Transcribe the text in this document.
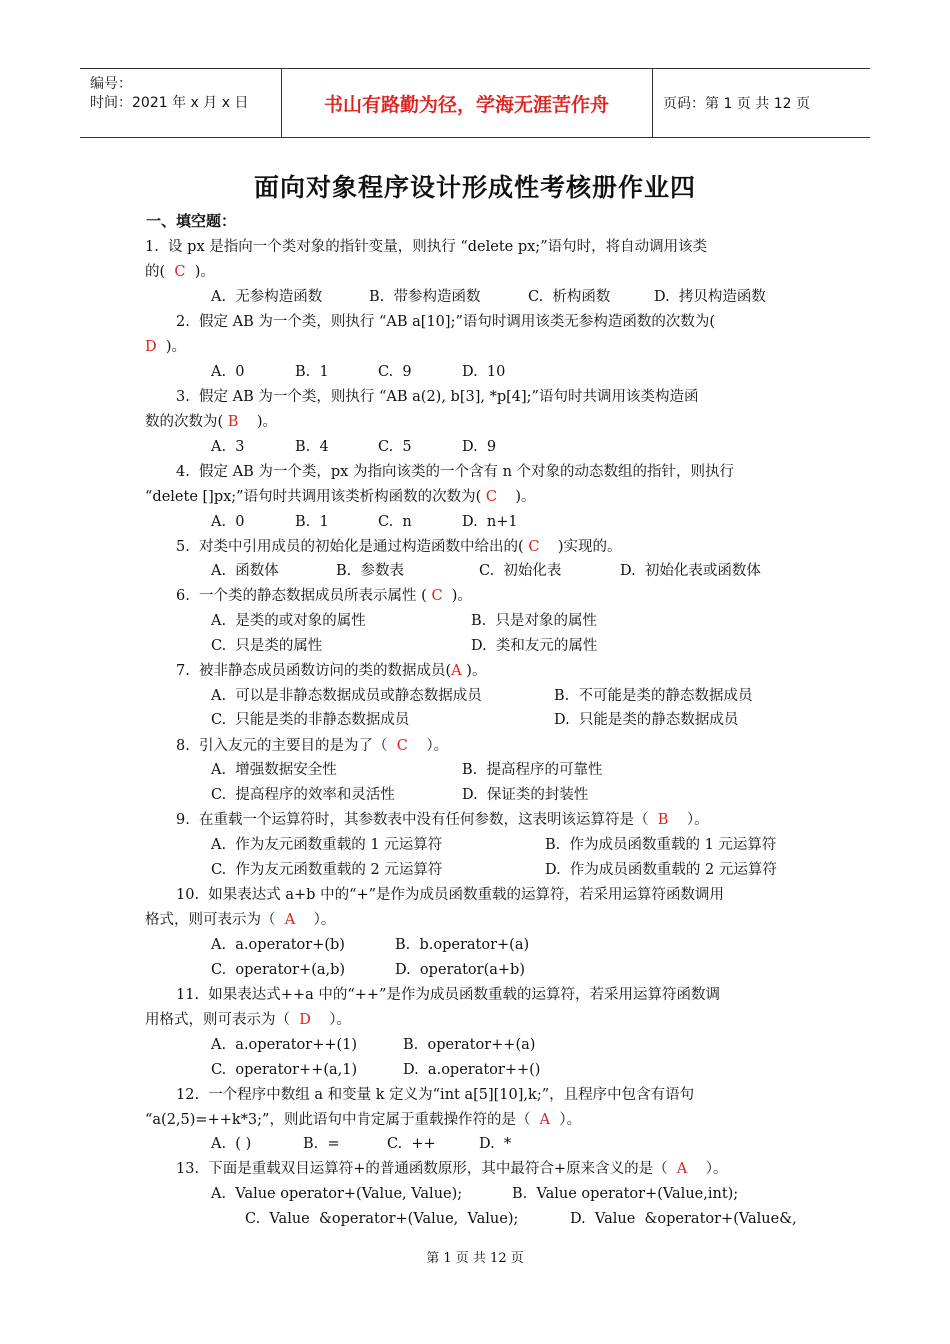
编号：
时间：2021 年 x 月 x 日	书山有路勤为径，学海无涯苦作舟	页码：第 1 页 共 12 页
面向对象程序设计形成性考核册作业四
一、填空题：
1.  设 px 是指向一个类对象的指针变量，则执行 “delete px;”语句时，将自动调用该类
的(  C  )。
A.  无参构造函数	B.  带参构造函数	C.  析构函数	D.  拷贝构造函数
2.  假定 AB 为一个类，则执行 “AB a[10];”语句时调用该类无参构造函数的次数为(
D  )。
A.  0	B.  1	C.  9	D.  10
3.  假定 AB 为一个类，则执行 “AB a(2), b[3], *p[4];”语句时共调用该类构造函
数的次数为( B    )。
A.  3	B.  4	C.  5	D.  9
4.  假定 AB 为一个类，px 为指向该类的一个含有 n 个对象的动态数组的指针，则执行
“delete []px;”语句时共调用该类析构函数的次数为( C    )。
A.  0	B.  1	C.  n	D.  n+1
5.  对类中引用成员的初始化是通过构造函数中给出的( C    )实现的。
A.  函数体	B.  参数表	C.  初始化表	D.  初始化表或函数体
6.  一个类的静态数据成员所表示属性 ( C  )。
A.  是类的或对象的属性	B.  只是对象的属性
C.  只是类的属性	D.  类和友元的属性
7.  被非静态成员函数访问的类的数据成员(A )。
A.  可以是非静态数据成员或静态数据成员	B.  不可能是类的静态数据成员
C.  只能是类的非静态数据成员	D.  只能是类的静态数据成员
8.  引入友元的主要目的是为了（  C    ）。
A.  增强数据安全性	B.  提高程序的可靠性
C.  提高程序的效率和灵活性	D.  保证类的封装性
9.  在重载一个运算符时，其参数表中没有任何参数，这表明该运算符是（  B    ）。
A.  作为友元函数重载的 1 元运算符	B.  作为成员函数重载的 1 元运算符
C.  作为友元函数重载的 2 元运算符	D.  作为成员函数重载的 2 元运算符
10.  如果表达式 a+b 中的“+”是作为成员函数重载的运算符，若采用运算符函数调用
格式，则可表示为（  A    ）。
A.  a.operator+(b)	B.  b.operator+(a)
C.  operator+(a,b)	D.  operator(a+b)
11.  如果表达式++a 中的“++”是作为成员函数重载的运算符，若采用运算符函数调
用格式，则可表示为（  D    ）。
A.  a.operator++(1)	B.  operator++(a)
C.  operator++(a,1)	D.  a.operator++()
12.  一个程序中数组 a 和变量 k 定义为“int a[5][10],k;”，且程序中包含有语句
“a(2,5)=++k*3;”，则此语句中肯定属于重载操作符的是（  A  ）。
A.  ( )	B.  =	C.  ++	D.  *
13.  下面是重载双目运算符+的普通函数原形，其中最符合+原来含义的是（  A    ）。
A.  Value operator+(Value, Value);	B.  Value operator+(Value,int);
C.  Value  &operator+(Value,  Value);	D.  Value  &operator+(Value&,
第 1 页 共 12 页
